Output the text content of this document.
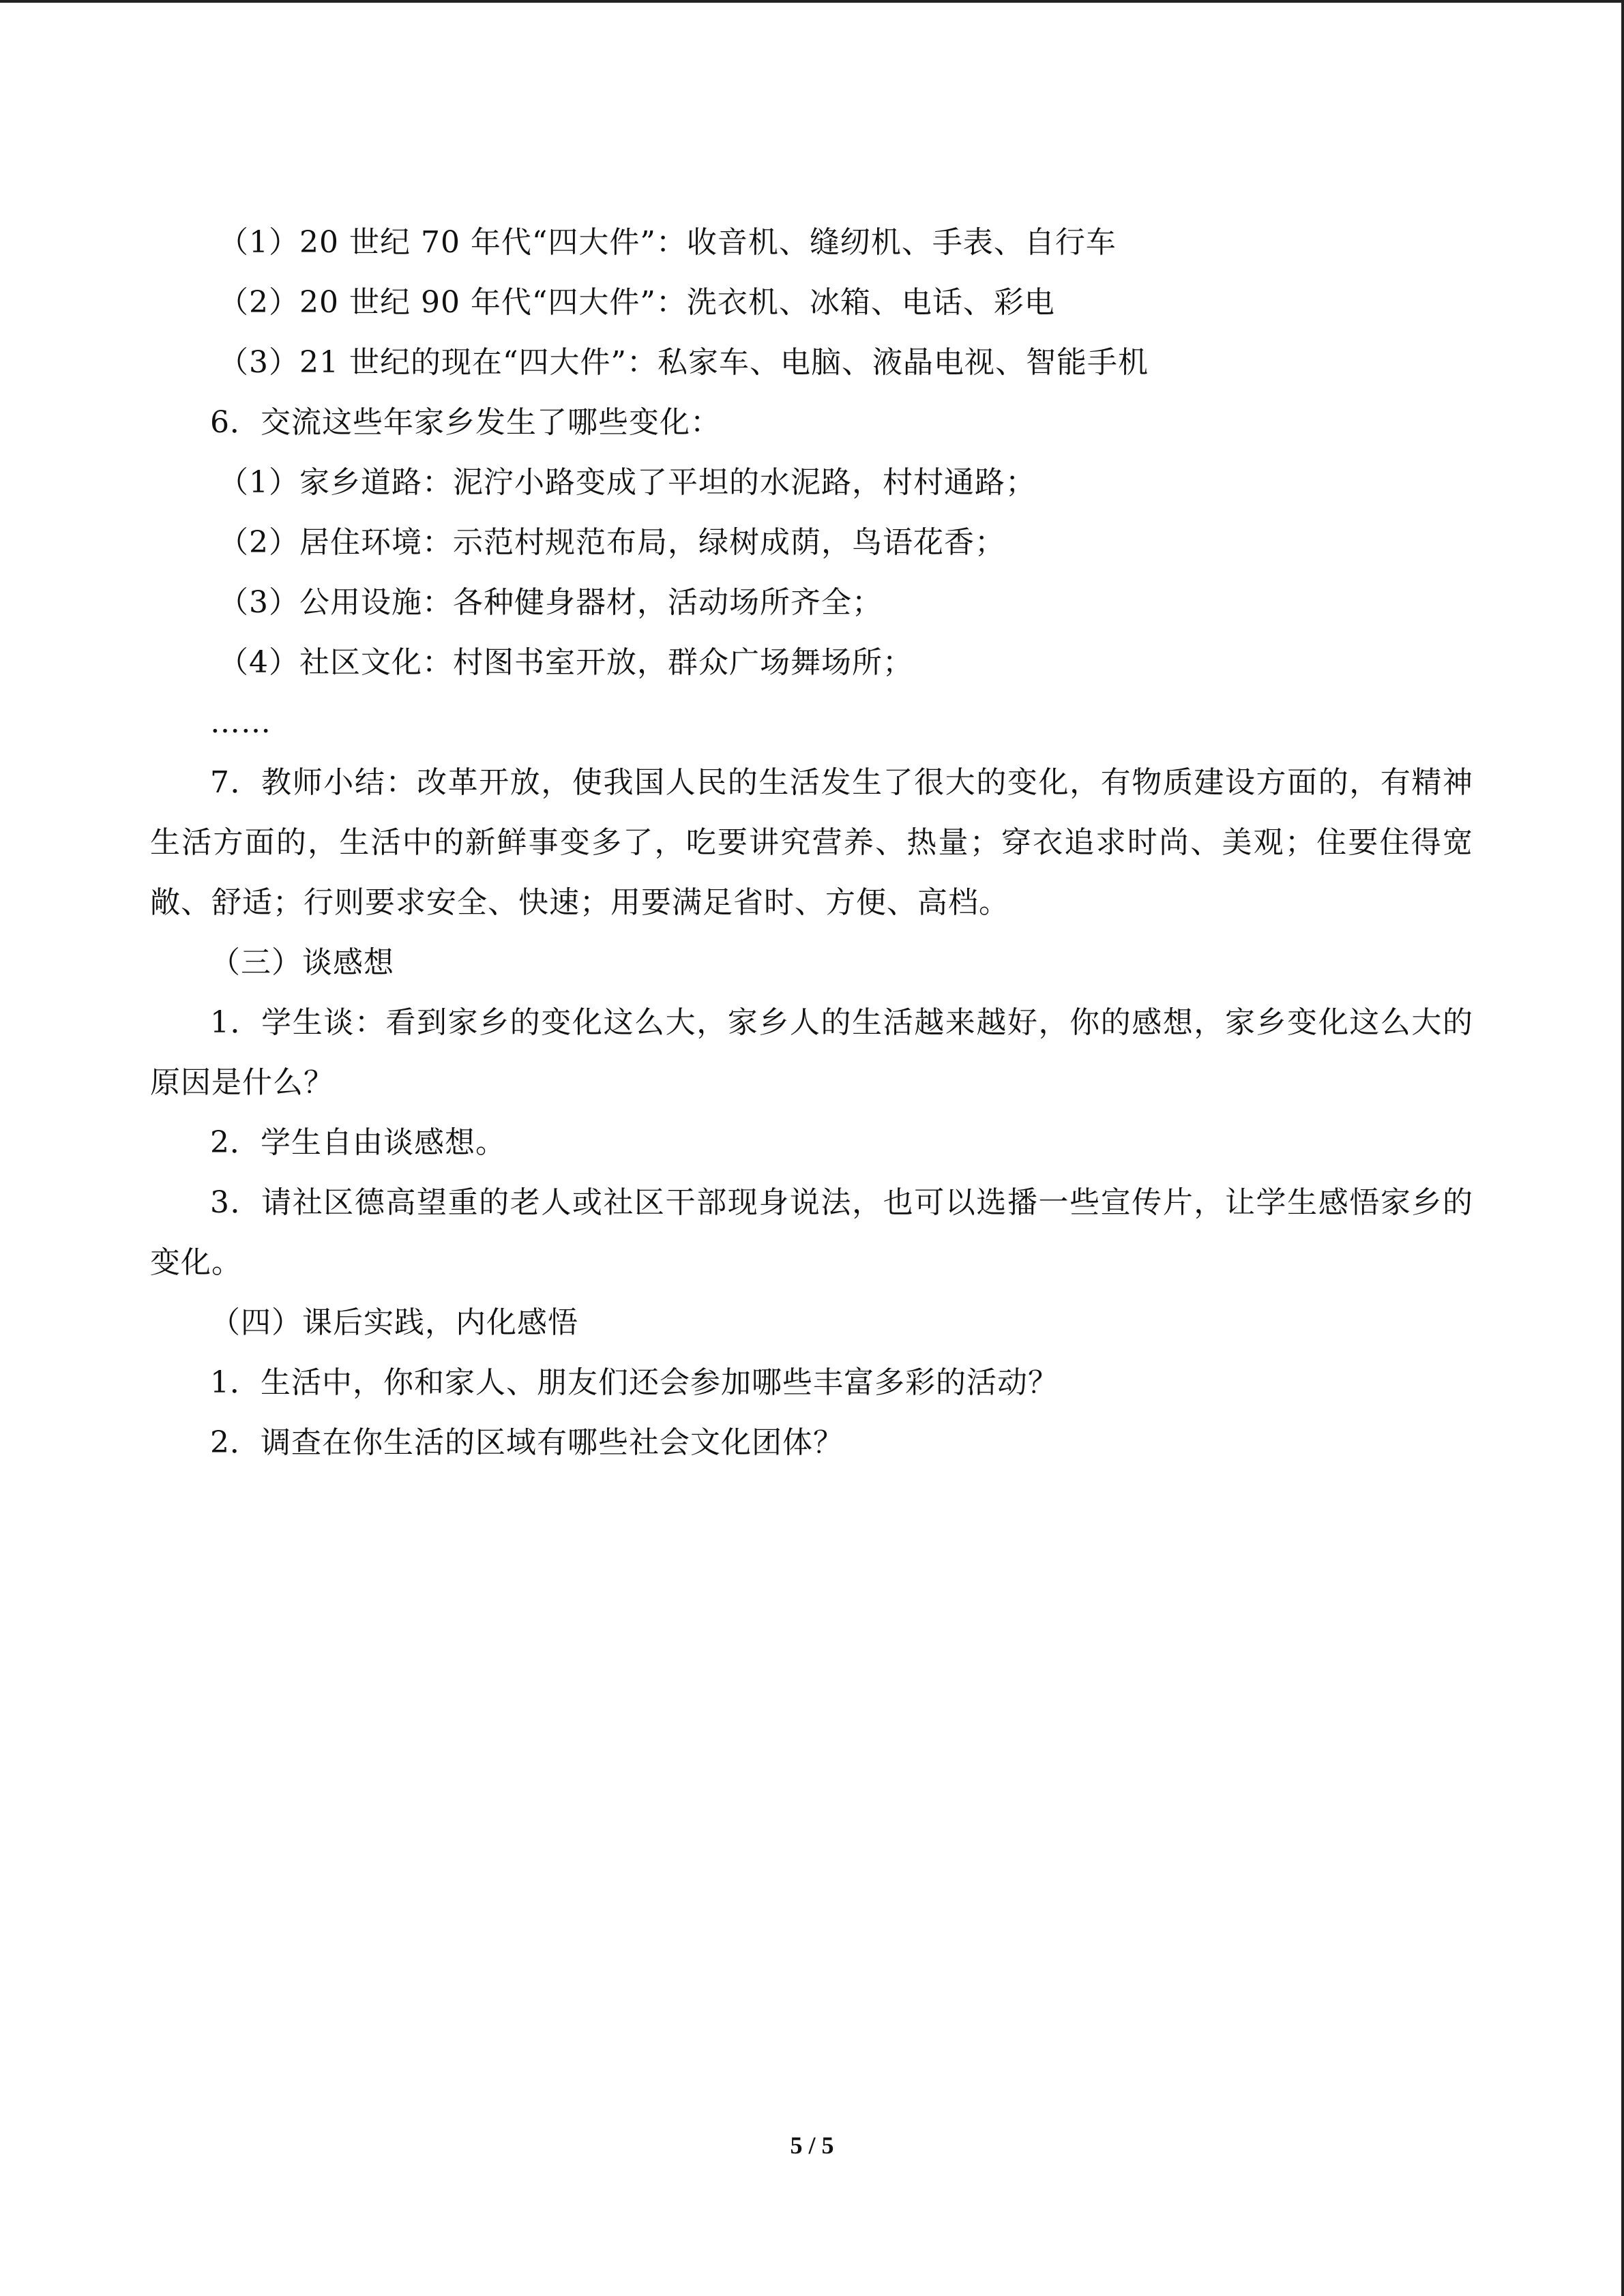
（1）20 世纪 70 年代“四大件”：收音机、缝纫机、手表、自行车
（2）20 世纪 90 年代“四大件”：洗衣机、冰箱、电话、彩电
（3）21 世纪的现在“四大件”：私家车、电脑、液晶电视、智能手机
6．交流这些年家乡发生了哪些变化：
（1）家乡道路：泥泞小路变成了平坦的水泥路，村村通路；
（2）居住环境：示范村规范布局，绿树成荫，鸟语花香；
（3）公用设施：各种健身器材，活动场所齐全；
（4）社区文化：村图书室开放，群众广场舞场所；
……

7．教师小结：改革开放，使我国人民的生活发生了很大的变化，有物质建设方面的，有精神生活方面的，生活中的新鲜事变多了，吃要讲究营养、热量；穿衣追求时尚、美观；住要住得宽敞、舒适；行则要求安全、快速；用要满足省时、方便、高档。

（三）谈感想

1．学生谈：看到家乡的变化这么大，家乡人的生活越来越好，你的感想，家乡变化这么大的原因是什么？

2．学生自由谈感想。

3．请社区德高望重的老人或社区干部现身说法，也可以选播一些宣传片，让学生感悟家乡的变化。

（四）课后实践，内化感悟
1．生活中，你和家人、朋友们还会参加哪些丰富多彩的活动？
2．调查在你生活的区域有哪些社会文化团体？
5 / 5
